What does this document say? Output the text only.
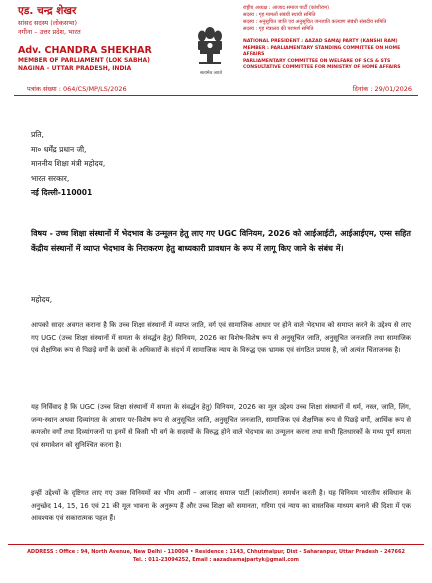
एड. चन्द्र शेखर

सांसद सदस्य (लोकसभा)

नगीना – उत्तर प्रदेश, भारत

Adv. CHANDRA SHEKHAR

MEMBER OF PARLIAMENT (LOK SABHA)

NAGINA – UTTAR PRADESH, INDIA

सत्यमेव जयते

राष्ट्रीय अध्यक्ष : आजाद समाज पार्टी (कांशीराम)

सदस्य : गृह मामलों संबंधी स्थायी समिति

सदस्य : अनुसूचित जाति एवं अनुसूचित जनजाति कल्याण संबंधी संसदीय समिति

सदस्य : गृह मंत्रालय की परामर्श समिति

NATIONAL PRESIDENT : AAZAD SAMAJ PARTY (KANSHI RAM)

MEMBER : PARLIAMENTARY STANDING COMMITTEE ON HOME AFFAIRS

PARLIAMENTARY COMMITTEE ON WELFARE OF SCS & STS

CONSULTATIVE COMMITTEE FOR MINISTRY OF HOME AFFAIRS

पत्रांक संख्या : 064/CS/MP/LS/2026	दिनांक : 29/01/2026

प्रति,

मा० धर्मेंद्र प्रधान जी,

माननीय शिक्षा मंत्री महोदय,

भारत सरकार,

नई दिल्ली-110001

विषय - उच्च शिक्षा संस्थानों में भेदभाव के उन्मूलन हेतु लाए गए UGC विनियम, 2026 को आईआईटी, आईआईएम, एम्स सहित केंद्रीय संस्थानों में व्याप्त भेदभाव के निराकरण हेतु बाध्यकारी प्रावधान के रूप में लागू किए जाने के संबंध में।

महोदय,

आपको सादर अवगत कराना है कि उच्च शिक्षा संस्थानों में व्याप्त जाति, वर्ग एवं सामाजिक आधार पर होने वाले भेदभाव को समाप्त करने के उद्देश्य से लाए गए UGC (उच्च शिक्षा संस्थानों में समता के संवर्द्धन हेतु) विनियम, 2026 का विशेष-विशेष रूप से अनुसूचित जाति, अनुसूचित जनजाति तथा सामाजिक एवं शैक्षणिक रूप से पिछड़े वर्गों के छात्रों के अधिकारों के संदर्भ में सामाजिक न्याय के विरुद्ध एक भ्रामक एवं संगठित प्रयास है, जो अत्यंत चिंताजनक है।

यह निर्विवाद है कि UGC (उच्च शिक्षा संस्थानों में समता के संवर्द्धन हेतु) विनियम, 2026 का मूल उद्देश्य उच्च शिक्षा संस्थानों में धर्म, नस्ल, जाति, लिंग, जन्म-स्थान अथवा दिव्यांगता के आधार पर-विशेष रूप से अनुसूचित जाति, अनुसूचित जनजाति, सामाजिक एवं शैक्षणिक रूप से पिछड़े वर्गों, आर्थिक रूप से कमजोर वर्गों तथा दिव्यांगजनों या इनमें से किसी भी वर्ग के सदस्यों के विरुद्ध होने वाले भेदभाव का उन्मूलन करना तथा सभी हितधारकों के मध्य पूर्ण समता एवं समावेशन को सुनिश्चित करना है।

इन्हीं उद्देश्यों के दृष्टिगत लाए गए उक्त विनियमों का भीम आर्मी – आजाद समाज पार्टी (कांशीराम) समर्थन करती है। यह विनियम भारतीय संविधान के अनुच्छेद 14, 15, 16 एवं 21 की मूल भावना के अनुरूप हैं और उच्च शिक्षा को समानता, गरिमा एवं न्याय का वास्तविक माध्यम बनाने की दिशा में एक आवश्यक एवं सकारात्मक पहल हैं।

ADDRESS : Office : 94, North Avenue, New Delhi - 110004 • Residence : 1143, Chhutmalpur, Dist - Saharanpur, Uttar Pradesh - 247662

Tel. : 011-23094252, Email : aazadsamajpartyk@gmail.com
